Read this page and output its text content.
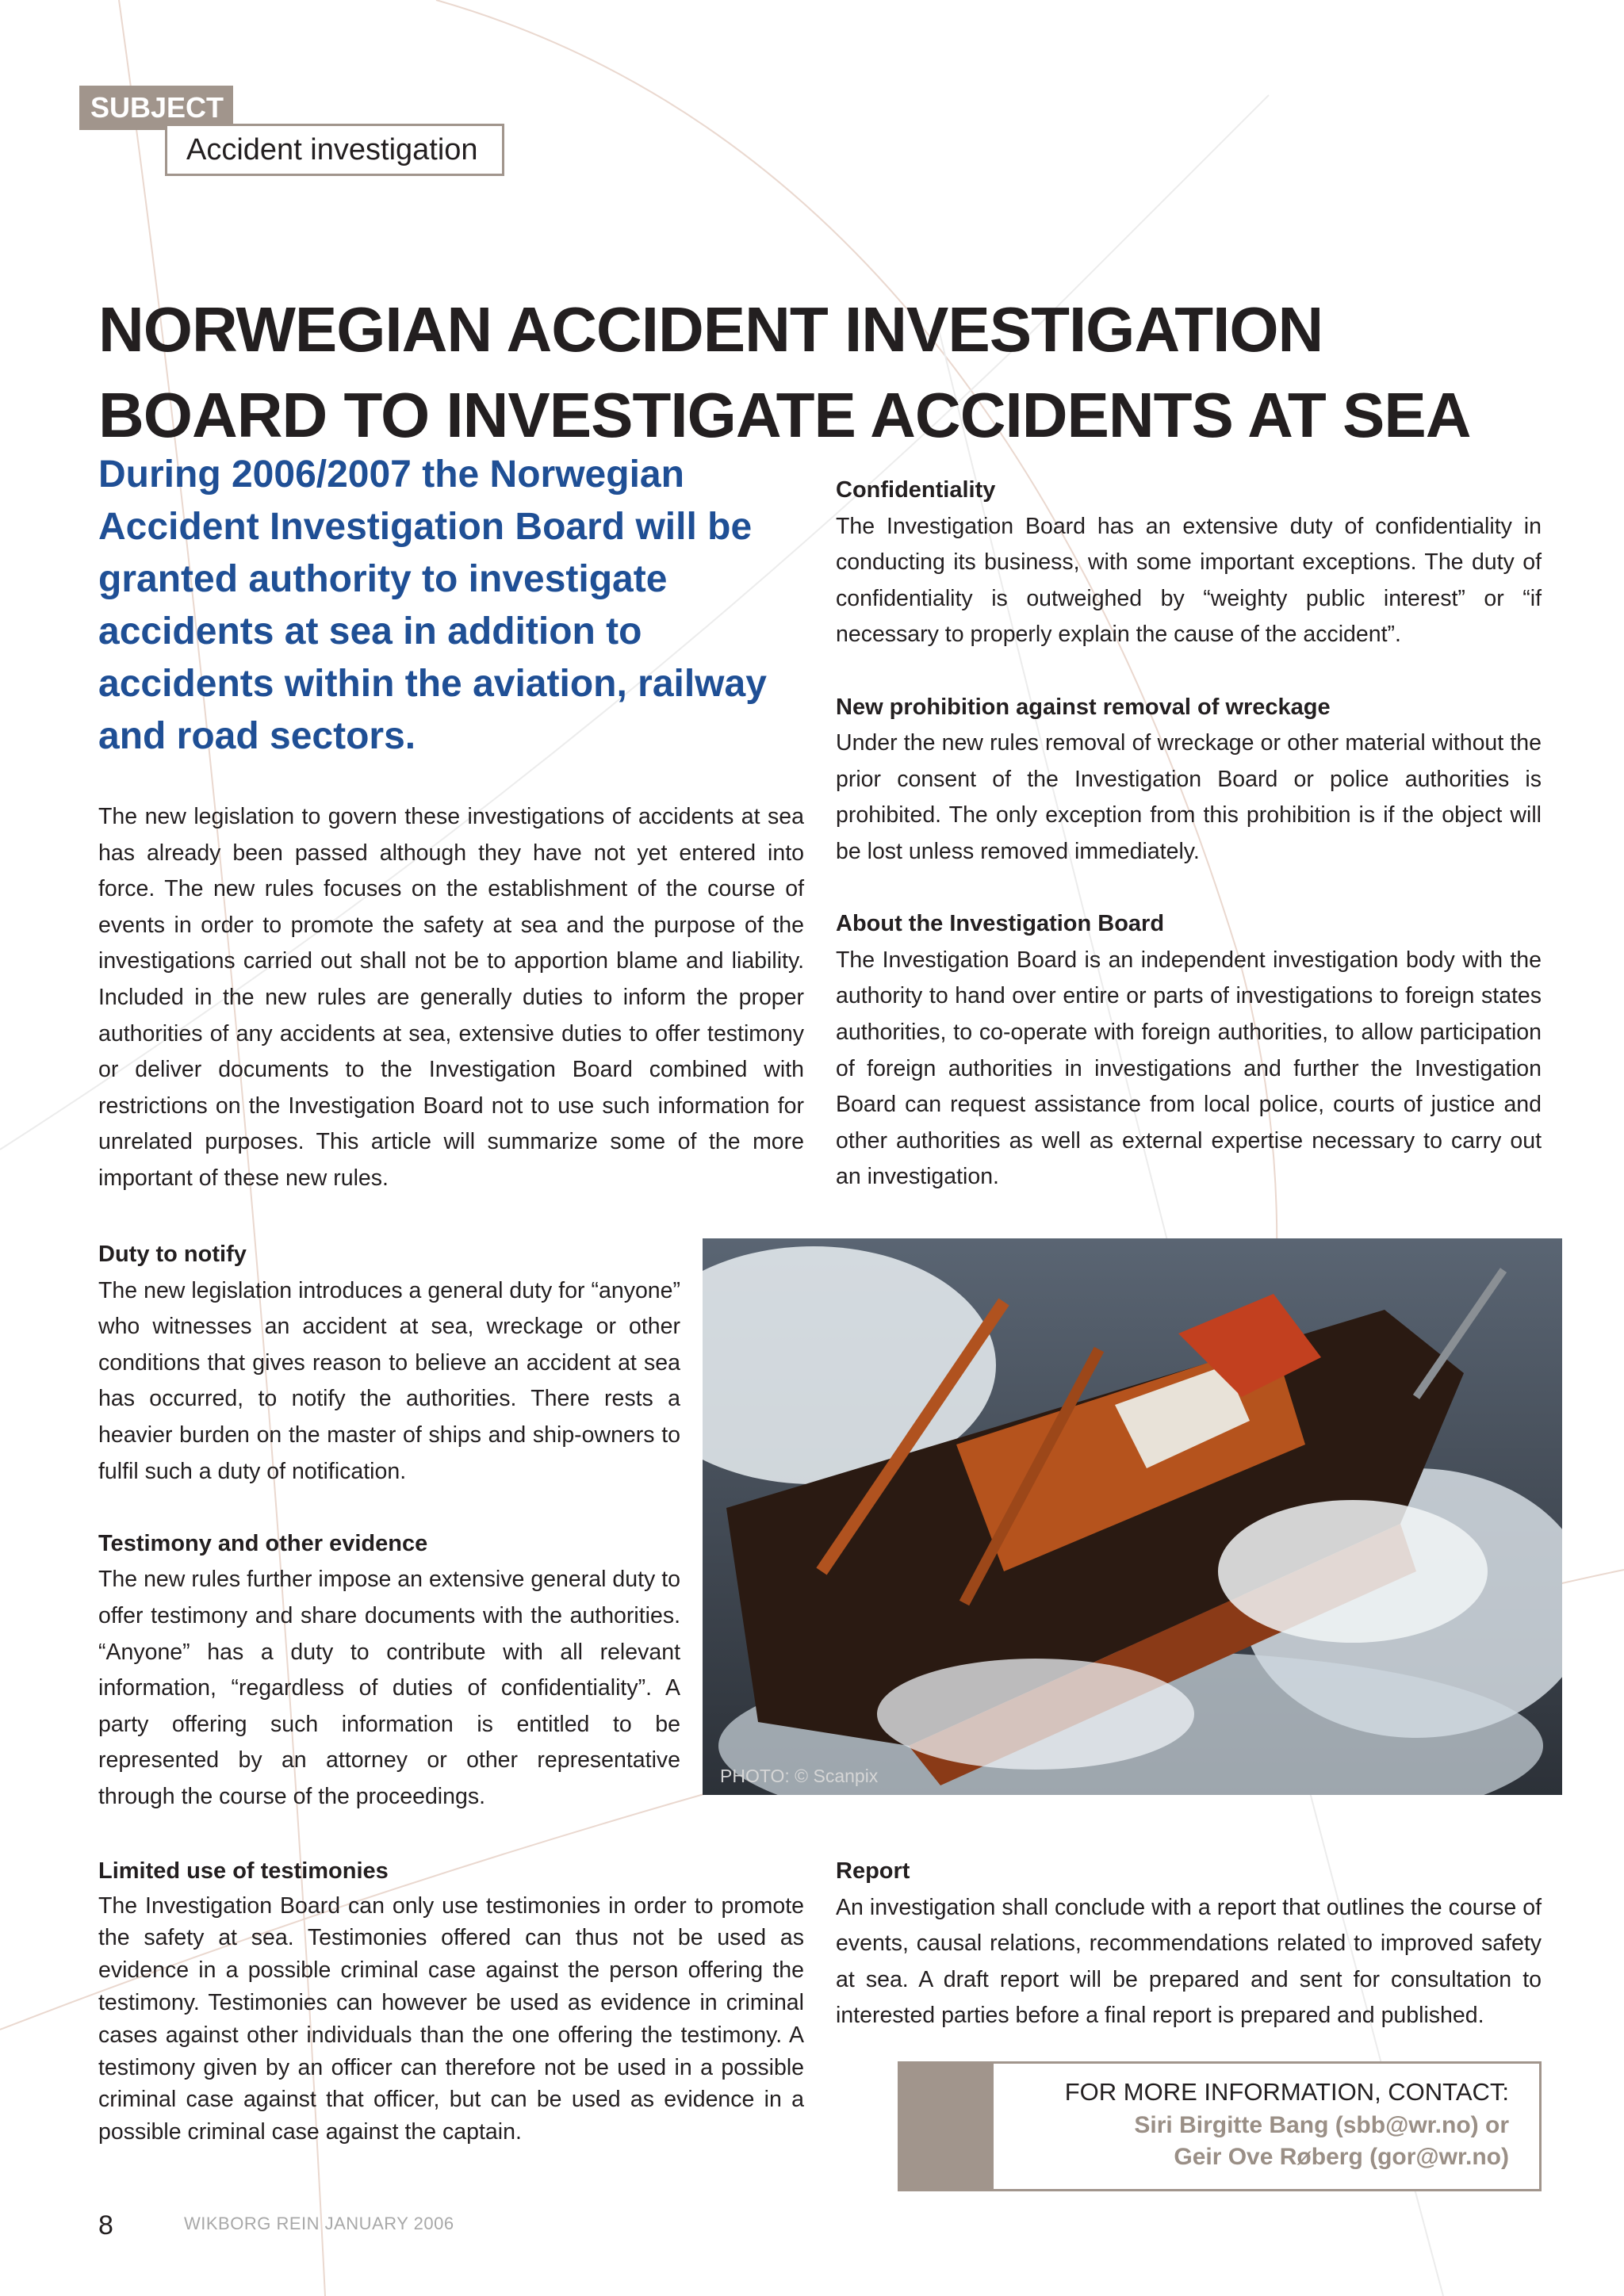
SUBJECT
Accident investigation
NORWEGIAN ACCIDENT INVESTIGATION BOARD TO INVESTIGATE ACCIDENTS AT SEA
During 2006/2007 the Norwegian Accident Investigation Board will be granted authority to investigate accidents at sea in addition to accidents within the aviation, railway and road sectors.

The new legislation to govern these investigations of accidents at sea has already been passed although they have not yet entered into force. The new rules focuses on the establishment of the course of events in order to promote the safety at sea and the purpose of the investigations carried out shall not be to apportion blame and liability. Included in the new rules are generally duties to inform the proper authorities of any accidents at sea, extensive duties to offer testimony or deliver documents to the Investigation Board combined with restrictions on the Investigation Board not to use such information for unrelated purposes. This article will summarize some of the more important of these new rules.

Confidentiality

The Investigation Board has an extensive duty of confidentiality in conducting its business, with some important exceptions. The duty of confidentiality is outweighed by “weighty public interest” or “if necessary to properly explain the cause of the accident”.

New prohibition against removal of wreckage

Under the new rules removal of wreckage or other material without the prior consent of the Investigation Board or police authorities is prohibited. The only exception from this prohibition is if the object will be lost unless removed immediately.

About the Investigation Board

The Investigation Board is an independent investigation body with the authority to hand over entire or parts of investigations to foreign states authorities, to co-operate with foreign authorities, to allow participation of foreign authorities in investigations and further the Investigation Board can request assistance from local police, courts of justice and other authorities as well as external expertise necessary to carry out an investigation.

Duty to notify

The new legislation introduces a general duty for “anyone” who witnesses an accident at sea, wreckage or other conditions that gives reason to believe an accident at sea has occurred, to notify the authorities. There rests a heavier burden on the master of ships and ship-owners to fulfil such a duty of notification.

Testimony and other evidence

The new rules further impose an extensive general duty to offer testimony and share documents with the authorities. “Anyone” has a duty to contribute with all relevant information, “regardless of duties of confidentiality”. A party offering such information is entitled to be represented by an attorney or other representative through the course of the proceedings.

PHOTO: © Scanpix
Limited use of testimonies

The Investigation Board can only use testimonies in order to promote the safety at sea. Testimonies offered can thus not be used as evidence in a possible criminal case against the person offering the testimony. Testimonies can however be used as evidence in criminal cases against other individuals than the one offering the testimony. A testimony given by an officer can therefore not be used in a possible criminal case against that officer, but can be used as evidence in a possible criminal case against the captain.

Report

An investigation shall conclude with a report that outlines the course of events, causal relations, recommendations related to improved safety at sea. A draft report will be prepared and sent for consultation to interested parties before a final report is prepared and published.

FOR MORE INFORMATION, CONTACT:
Siri Birgitte Bang (sbb@wr.no) or
Geir Ove Røberg (gor@wr.no)
8	WIKBORG REIN JANUARY 2006
